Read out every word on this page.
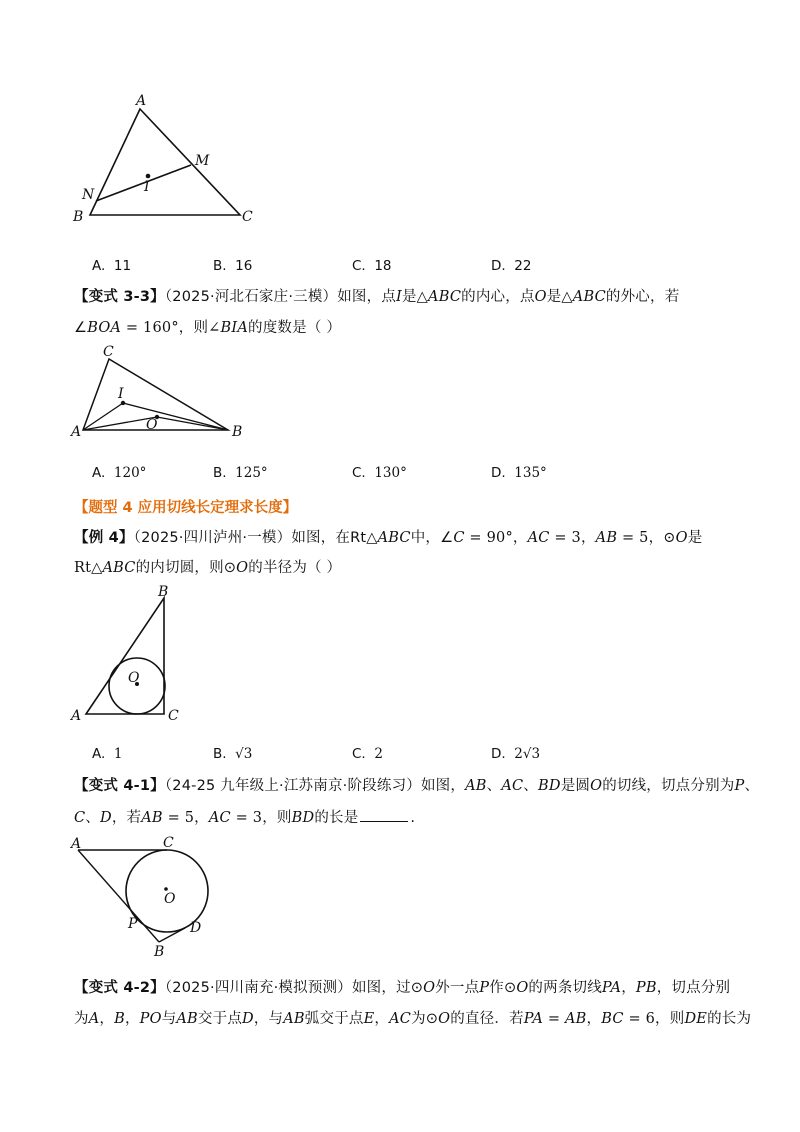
A
M
N	I
B	C
A. 11	B. 16	C. 18	D. 22
【变式 3-3】（2025·河北石家庄·三模）如图，点I是△ABC的内心，点O是△ABC的外心，若
∠BOA = 160°，则∠BIA的度数是（ ）
C
I
O
A	B
A. 120°	B. 125°	C. 130°	D. 135°
【题型 4 应用切线长定理求长度】
【例 4】（2025·四川泸州·一模）如图，在Rt△ABC中，∠C = 90°，AC = 3，AB = 5，⊙O是
Rt△ABC的内切圆，则⊙O的半径为（ ）
B
O
A	C
A. 1	B. √3	C. 2	D. 2√3
【变式 4-1】（24-25 九年级上·江苏南京·阶段练习）如图，AB、AC、BD是圆O的切线，切点分别为P、
C、D，若AB = 5，AC = 3，则BD的长是	.
A	C
O
P	D
B
【变式 4-2】（2025·四川南充·模拟预测）如图，过⊙O外一点P作⊙O的两条切线PA，PB，切点分别
为A，B，PO与AB交于点D，与AB弧交于点E，AC为⊙O的直径．若PA = AB，BC = 6，则DE的长为
